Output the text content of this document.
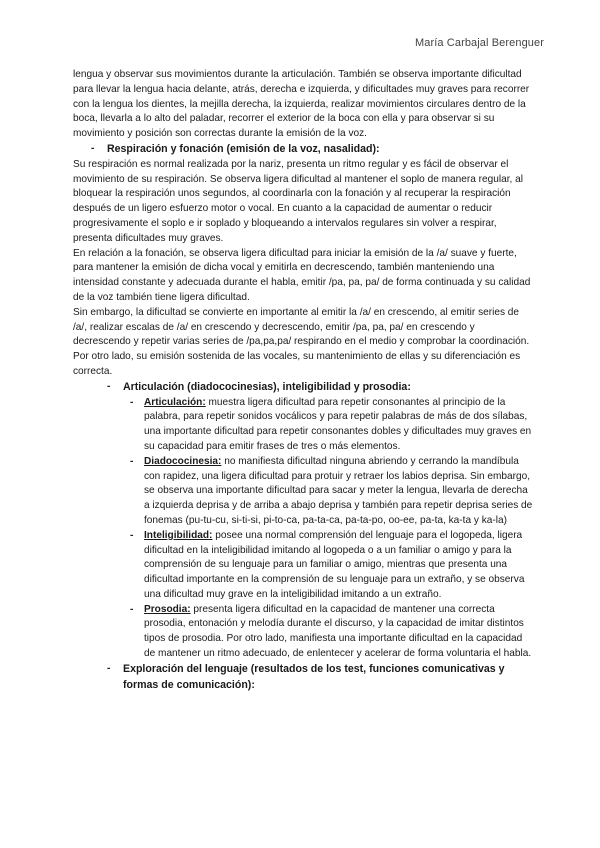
María Carbajal Berenguer

lengua y observar sus movimientos durante la articulación. También se observa importante dificultad para llevar la lengua hacia delante, atrás, derecha e izquierda, y dificultades muy graves para recorrer con la lengua los dientes, la mejilla derecha, la izquierda, realizar movimientos circulares dentro de la boca, llevarla a lo alto del paladar, recorrer el exterior de la boca con ella y para observar si su movimiento y posición son correctas durante la emisión de la voz.

- Respiración y fonación (emisión de la voz, nasalidad):

Su respiración es normal realizada por la nariz, presenta un ritmo regular y es fácil de observar el movimiento de su respiración. Se observa ligera dificultad al mantener el soplo de manera regular, al bloquear la respiración unos segundos, al coordinarla con la fonación y al recuperar la respiración después de un ligero esfuerzo motor o vocal. En cuanto a la capacidad de aumentar o reducir progresivamente el soplo e ir soplado y bloqueando a intervalos regulares sin volver a respirar, presenta dificultades muy graves.

En relación a la fonación, se observa ligera dificultad para iniciar la emisión de la /a/ suave y fuerte, para mantener la emisión de dicha vocal y emitirla en decrescendo, también manteniendo una intensidad constante y adecuada durante el habla, emitir /pa, pa, pa/ de forma continuada y su calidad de la voz también tiene ligera dificultad.

Sin embargo, la dificultad se convierte en importante al emitir la /a/ en crescendo, al emitir series de /a/, realizar escalas de /a/ en crescendo y decrescendo, emitir /pa, pa, pa/ en crescendo y decrescendo y repetir varias series de /pa,pa,pa/ respirando en el medio y comprobar la coordinación.

Por otro lado, su emisión sostenida de las vocales, su mantenimiento de ellas y su diferenciación es correcta.

- Articulación (diadococinesias), inteligibilidad y prosodia:
- Articulación: muestra ligera dificultad para repetir consonantes al principio de la palabra, para repetir sonidos vocálicos y para repetir palabras de más de dos sílabas, una importante dificultad para repetir consonantes dobles y dificultades muy graves en su capacidad para emitir frases de tres o más elementos.
- Diadococinesia: no manifiesta dificultad ninguna abriendo y cerrando la mandíbula con rapidez, una ligera dificultad para protuir y retraer los labios deprisa. Sin embargo, se observa una importante dificultad para sacar y meter la lengua, llevarla de derecha a izquierda deprisa y de arriba a abajo deprisa y también para repetir deprisa series de fonemas (pu-tu-cu, si-ti-si, pi-to-ca, pa-ta-ca, pa-ta-po, oo-ee, pa-ta, ka-ta y ka-la)
- Inteligibilidad: posee una normal comprensión del lenguaje para el logopeda, ligera dificultad en la inteligibilidad imitando al logopeda o a un familiar o amigo y para la comprensión de su lenguaje para un familiar o amigo, mientras que presenta una dificultad importante en la comprensión de su lenguaje para un extraño, y se observa una dificultad muy grave en la inteligibilidad imitando a un extraño.
- Prosodia: presenta ligera dificultad en la capacidad de mantener una correcta prosodia, entonación y melodía durante el discurso, y la capacidad de imitar distintos tipos de prosodia. Por otro lado, manifiesta una importante dificultad en la capacidad de mantener un ritmo adecuado, de enlentecer y acelerar de forma voluntaria el habla.
- Exploración del lenguaje (resultados de los test, funciones comunicativas y formas de comunicación):
